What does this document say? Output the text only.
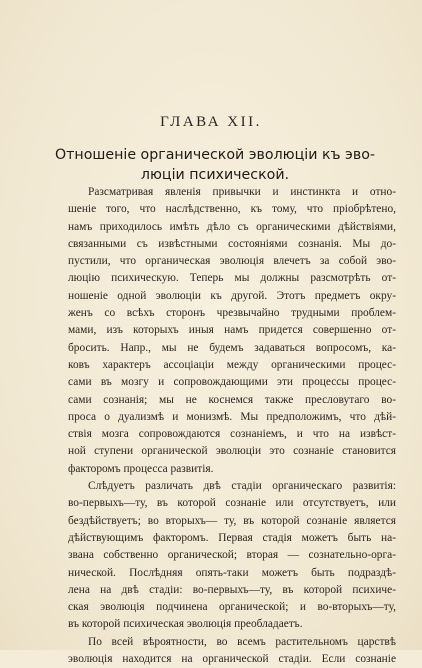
ГЛАВА XII.
Отношеніе органической эволюціи къ эво-
люціи психической.
Разсматривая явленія привычки и инстинкта и отно-
шеніе того, что наслѣдственно, къ тому, что пріобрѣтено,
намъ приходилось имѣть дѣло съ органическими дѣйствіями,
связанными съ извѣстными состояніями сознанія. Мы до-
пустили, что органическая эволюція влечетъ за собой эво-
люцію психическую. Теперь мы должны разсмотрѣть от-
ношеніе одной эволюціи къ другой. Этотъ предметъ окру-
женъ со всѣхъ сторонъ чрезвычайно трудными проблем-
мами, изъ которыхъ иныя намъ придется совершенно от-
бросить. Напр., мы не будемъ задаваться вопросомъ, ка-
ковъ характеръ ассоціаціи между органическими процес-
сами въ мозгу и сопровождающими эти процессы процес-
сами сознанія; мы не коснемся также пресловутаго во-
проса о дуализмѣ и монизмѣ. Мы предположимъ, что дѣй-
ствія мозга сопровождаются сознаніемъ, и что на извѣст-
ной ступени органической эволюціи это сознаніе становится
факторомъ процесса развитія.
Слѣдуетъ различать двѣ стадіи органическаго развитія:
во-первыхъ—ту, въ которой сознаніе или отсутствуетъ, или
бездѣйствуетъ; во вторыхъ— ту, въ которой сознаніе является
дѣйствующимъ факторомъ. Первая стадія можетъ быть на-
звана собственно органической; вторая — сознательно-орга-
нической. Послѣдняя опять-таки можетъ быть подраздѣ-
лена на двѣ стадіи: во-первыхъ—ту, въ которой психиче-
ская эволюція подчинена органической; и во-вторыхъ—ту,
въ которой психическая эволюція преобладаетъ.
По всей вѣроятности, во всемъ растительномъ царствѣ
эволюція находится на органической стадіи. Если сознаніе
